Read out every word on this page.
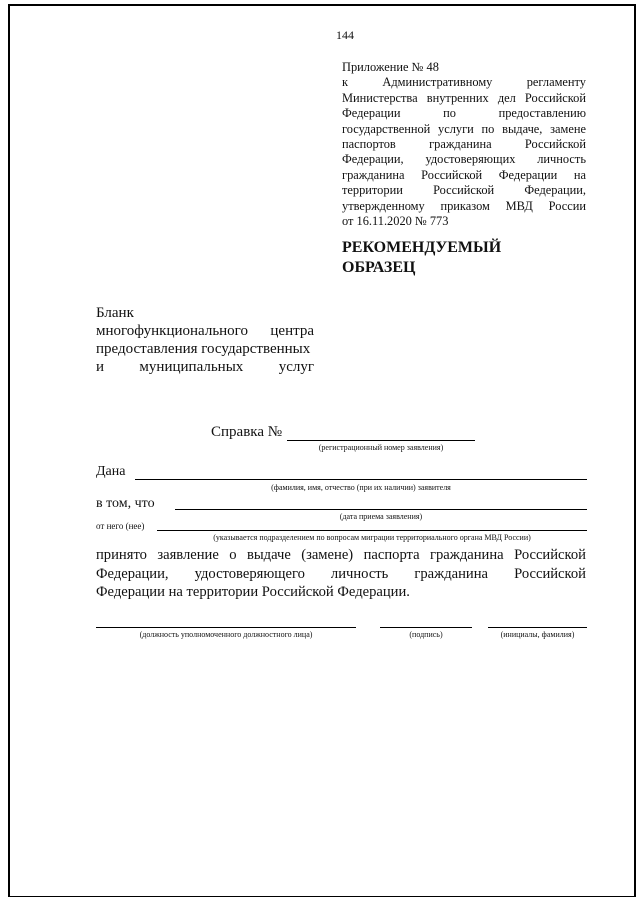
144
Приложение № 48
к Административному регламенту
Министерства внутренних дел Российской
Федерации по предоставлению
государственной услуги по выдаче, замене
паспортов гражданина Российской
Федерации, удостоверяющих личность
гражданина Российской Федерации на
территории Российской Федерации,
утвержденному приказом МВД России
от 16.11.2020 № 773
РЕКОМЕНДУЕМЫЙ
ОБРАЗЕЦ
Бланк
многофункционального центра
предоставления государственных
и муниципальных услуг
Справка №
(регистрационный номер заявления)
Дана
(фамилия, имя, отчество (при их наличии) заявителя
в том, что
(дата приема заявления)
от него (нее)
(указывается подразделением по вопросам миграции территориального органа МВД России)
принято заявление о выдаче (замене) паспорта гражданина Российской
Федерации, удостоверяющего личность гражданина Российской
Федерации на территории Российской Федерации.
(должность уполномоченного должностного лица)	(подпись)	(инициалы, фамилия)
